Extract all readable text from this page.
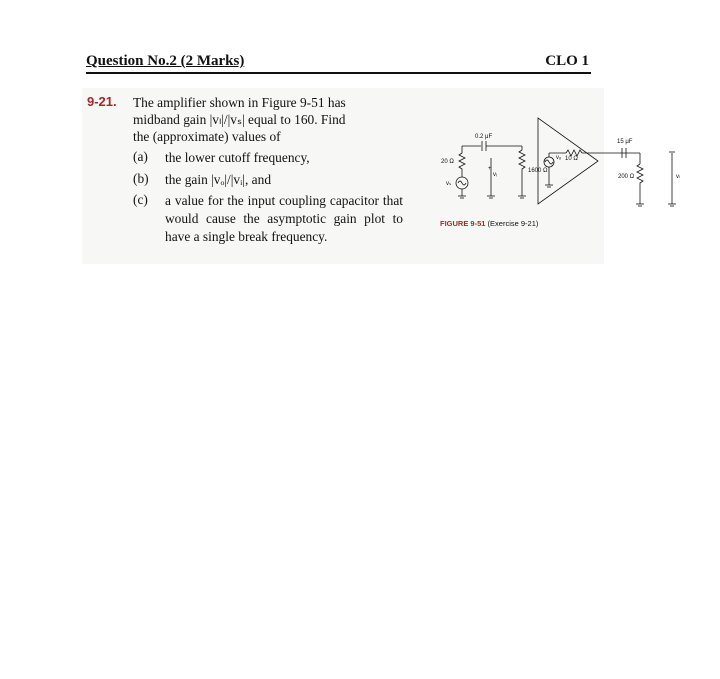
Question No.2 (2 Marks)	CLO 1
9-21. The amplifier shown in Figure 9-51 has
midband gain |vₗ|/|vₛ| equal to 160. Find
the (approximate) values of
(a) the lower cutoff frequency,
(b) the gain |vₒ|/|vᵢ|, and
(c) a value for the input coupling capacitor that would cause the asymptotic gain plot to have a single break frequency.
0.2 μF
20 Ω
vₛ
+
vᵢ
1600 Ω
vₒ 10 Ω
15 μF
200 Ω	vₗ
FIGURE 9-51 (Exercise 9-21)
